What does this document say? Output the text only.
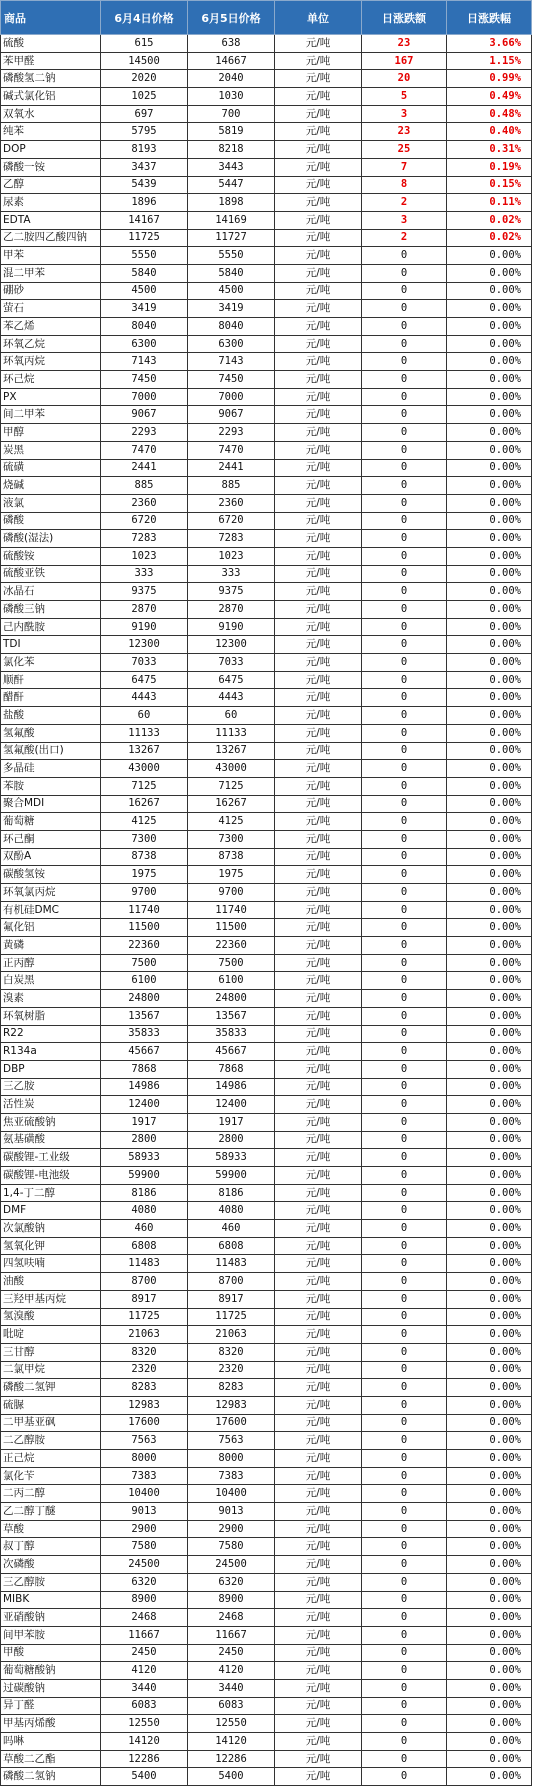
商品	6月4日价格	6月5日价格	单位	日涨跌额	日涨跌幅
硫酸	615	638	元/吨	23	3.66%
苯甲醛	14500	14667	元/吨	167	1.15%
磷酸氢二钠	2020	2040	元/吨	20	0.99%
碱式氯化铝	1025	1030	元/吨	5	0.49%
双氧水	697	700	元/吨	3	0.48%
纯苯	5795	5819	元/吨	23	0.40%
DOP	8193	8218	元/吨	25	0.31%
磷酸一铵	3437	3443	元/吨	7	0.19%
乙醇	5439	5447	元/吨	8	0.15%
尿素	1896	1898	元/吨	2	0.11%
EDTA	14167	14169	元/吨	3	0.02%
乙二胺四乙酸四钠	11725	11727	元/吨	2	0.02%
甲苯	5550	5550	元/吨	0	0.00%
混二甲苯	5840	5840	元/吨	0	0.00%
硼砂	4500	4500	元/吨	0	0.00%
萤石	3419	3419	元/吨	0	0.00%
苯乙烯	8040	8040	元/吨	0	0.00%
环氧乙烷	6300	6300	元/吨	0	0.00%
环氧丙烷	7143	7143	元/吨	0	0.00%
环己烷	7450	7450	元/吨	0	0.00%
PX	7000	7000	元/吨	0	0.00%
间二甲苯	9067	9067	元/吨	0	0.00%
甲醇	2293	2293	元/吨	0	0.00%
炭黑	7470	7470	元/吨	0	0.00%
硫磺	2441	2441	元/吨	0	0.00%
烧碱	885	885	元/吨	0	0.00%
液氯	2360	2360	元/吨	0	0.00%
磷酸	6720	6720	元/吨	0	0.00%
磷酸(湿法)	7283	7283	元/吨	0	0.00%
硫酸铵	1023	1023	元/吨	0	0.00%
硫酸亚铁	333	333	元/吨	0	0.00%
冰晶石	9375	9375	元/吨	0	0.00%
磷酸三钠	2870	2870	元/吨	0	0.00%
己内酰胺	9190	9190	元/吨	0	0.00%
TDI	12300	12300	元/吨	0	0.00%
氯化苯	7033	7033	元/吨	0	0.00%
顺酐	6475	6475	元/吨	0	0.00%
醋酐	4443	4443	元/吨	0	0.00%
盐酸	60	60	元/吨	0	0.00%
氢氟酸	11133	11133	元/吨	0	0.00%
氢氟酸(出口)	13267	13267	元/吨	0	0.00%
多晶硅	43000	43000	元/吨	0	0.00%
苯胺	7125	7125	元/吨	0	0.00%
聚合MDI	16267	16267	元/吨	0	0.00%
葡萄糖	4125	4125	元/吨	0	0.00%
环己酮	7300	7300	元/吨	0	0.00%
双酚A	8738	8738	元/吨	0	0.00%
碳酸氢铵	1975	1975	元/吨	0	0.00%
环氧氯丙烷	9700	9700	元/吨	0	0.00%
有机硅DMC	11740	11740	元/吨	0	0.00%
氟化铝	11500	11500	元/吨	0	0.00%
黄磷	22360	22360	元/吨	0	0.00%
正丙醇	7500	7500	元/吨	0	0.00%
白炭黑	6100	6100	元/吨	0	0.00%
溴素	24800	24800	元/吨	0	0.00%
环氧树脂	13567	13567	元/吨	0	0.00%
R22	35833	35833	元/吨	0	0.00%
R134a	45667	45667	元/吨	0	0.00%
DBP	7868	7868	元/吨	0	0.00%
三乙胺	14986	14986	元/吨	0	0.00%
活性炭	12400	12400	元/吨	0	0.00%
焦亚硫酸钠	1917	1917	元/吨	0	0.00%
氨基磺酸	2800	2800	元/吨	0	0.00%
碳酸锂-工业级	58933	58933	元/吨	0	0.00%
碳酸锂-电池级	59900	59900	元/吨	0	0.00%
1,4-丁二醇	8186	8186	元/吨	0	0.00%
DMF	4080	4080	元/吨	0	0.00%
次氯酸钠	460	460	元/吨	0	0.00%
氢氧化钾	6808	6808	元/吨	0	0.00%
四氢呋喃	11483	11483	元/吨	0	0.00%
油酸	8700	8700	元/吨	0	0.00%
三羟甲基丙烷	8917	8917	元/吨	0	0.00%
氢溴酸	11725	11725	元/吨	0	0.00%
吡啶	21063	21063	元/吨	0	0.00%
三甘醇	8320	8320	元/吨	0	0.00%
二氯甲烷	2320	2320	元/吨	0	0.00%
磷酸二氢钾	8283	8283	元/吨	0	0.00%
硫脲	12983	12983	元/吨	0	0.00%
二甲基亚砜	17600	17600	元/吨	0	0.00%
二乙醇胺	7563	7563	元/吨	0	0.00%
正己烷	8000	8000	元/吨	0	0.00%
氯化苄	7383	7383	元/吨	0	0.00%
二丙二醇	10400	10400	元/吨	0	0.00%
乙二醇丁醚	9013	9013	元/吨	0	0.00%
草酸	2900	2900	元/吨	0	0.00%
叔丁醇	7580	7580	元/吨	0	0.00%
次磷酸	24500	24500	元/吨	0	0.00%
三乙醇胺	6320	6320	元/吨	0	0.00%
MIBK	8900	8900	元/吨	0	0.00%
亚硝酸钠	2468	2468	元/吨	0	0.00%
间甲苯胺	11667	11667	元/吨	0	0.00%
甲酸	2450	2450	元/吨	0	0.00%
葡萄糖酸钠	4120	4120	元/吨	0	0.00%
过碳酸钠	3440	3440	元/吨	0	0.00%
异丁醛	6083	6083	元/吨	0	0.00%
甲基丙烯酸	12550	12550	元/吨	0	0.00%
吗啉	14120	14120	元/吨	0	0.00%
草酸二乙酯	12286	12286	元/吨	0	0.00%
磷酸二氢钠	5400	5400	元/吨	0	0.00%
